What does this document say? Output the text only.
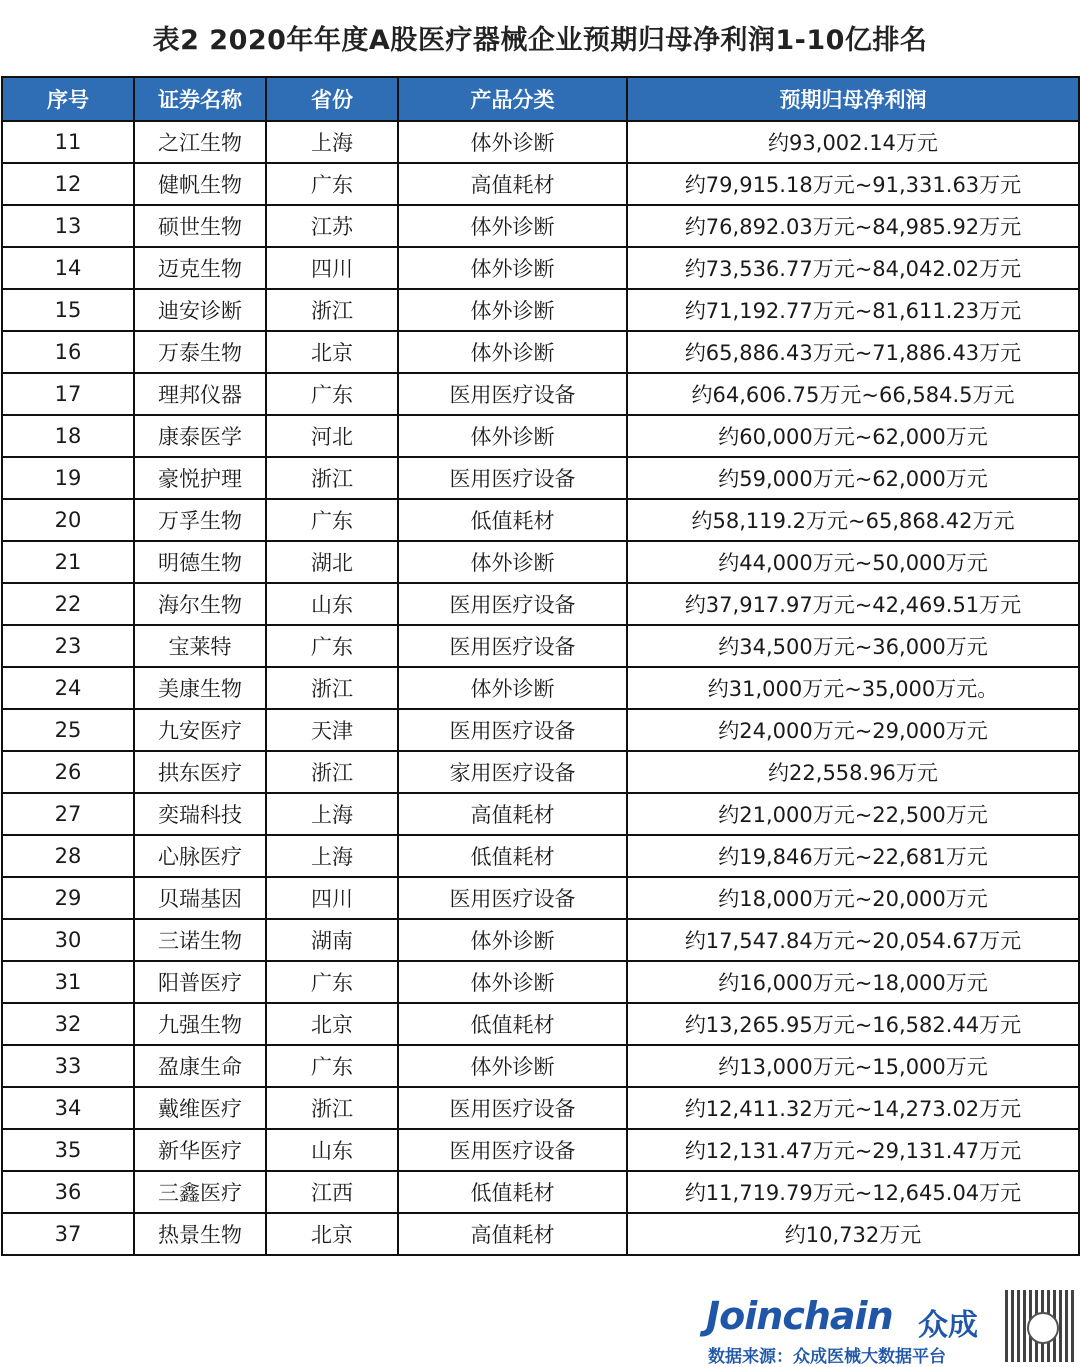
表2 2020年年度A股医疗器械企业预期归母净利润1-10亿排名
序号	证券名称	省份	产品分类	预期归母净利润
11	之江生物	上海	体外诊断	约93,002.14万元
12	健帆生物	广东	高值耗材	约79,915.18万元~91,331.63万元
13	硕世生物	江苏	体外诊断	约76,892.03万元~84,985.92万元
14	迈克生物	四川	体外诊断	约73,536.77万元~84,042.02万元
15	迪安诊断	浙江	体外诊断	约71,192.77万元~81,611.23万元
16	万泰生物	北京	体外诊断	约65,886.43万元~71,886.43万元
17	理邦仪器	广东	医用医疗设备	约64,606.75万元~66,584.5万元
18	康泰医学	河北	体外诊断	约60,000万元~62,000万元
19	豪悦护理	浙江	医用医疗设备	约59,000万元~62,000万元
20	万孚生物	广东	低值耗材	约58,119.2万元~65,868.42万元
21	明德生物	湖北	体外诊断	约44,000万元~50,000万元
22	海尔生物	山东	医用医疗设备	约37,917.97万元~42,469.51万元
23	宝莱特	广东	医用医疗设备	约34,500万元~36,000万元
24	美康生物	浙江	体外诊断	约31,000万元~35,000万元。
25	九安医疗	天津	医用医疗设备	约24,000万元~29,000万元
26	拱东医疗	浙江	家用医疗设备	约22,558.96万元
27	奕瑞科技	上海	高值耗材	约21,000万元~22,500万元
28	心脉医疗	上海	低值耗材	约19,846万元~22,681万元
29	贝瑞基因	四川	医用医疗设备	约18,000万元~20,000万元
30	三诺生物	湖南	体外诊断	约17,547.84万元~20,054.67万元
31	阳普医疗	广东	体外诊断	约16,000万元~18,000万元
32	九强生物	北京	低值耗材	约13,265.95万元~16,582.44万元
33	盈康生命	广东	体外诊断	约13,000万元~15,000万元
34	戴维医疗	浙江	医用医疗设备	约12,411.32万元~14,273.02万元
35	新华医疗	山东	医用医疗设备	约12,131.47万元~29,131.47万元
36	三鑫医疗	江西	低值耗材	约11,719.79万元~12,645.04万元
37	热景生物	北京	高值耗材	约10,732万元
Joinchain 众成
数据来源：众成医械大数据平台
